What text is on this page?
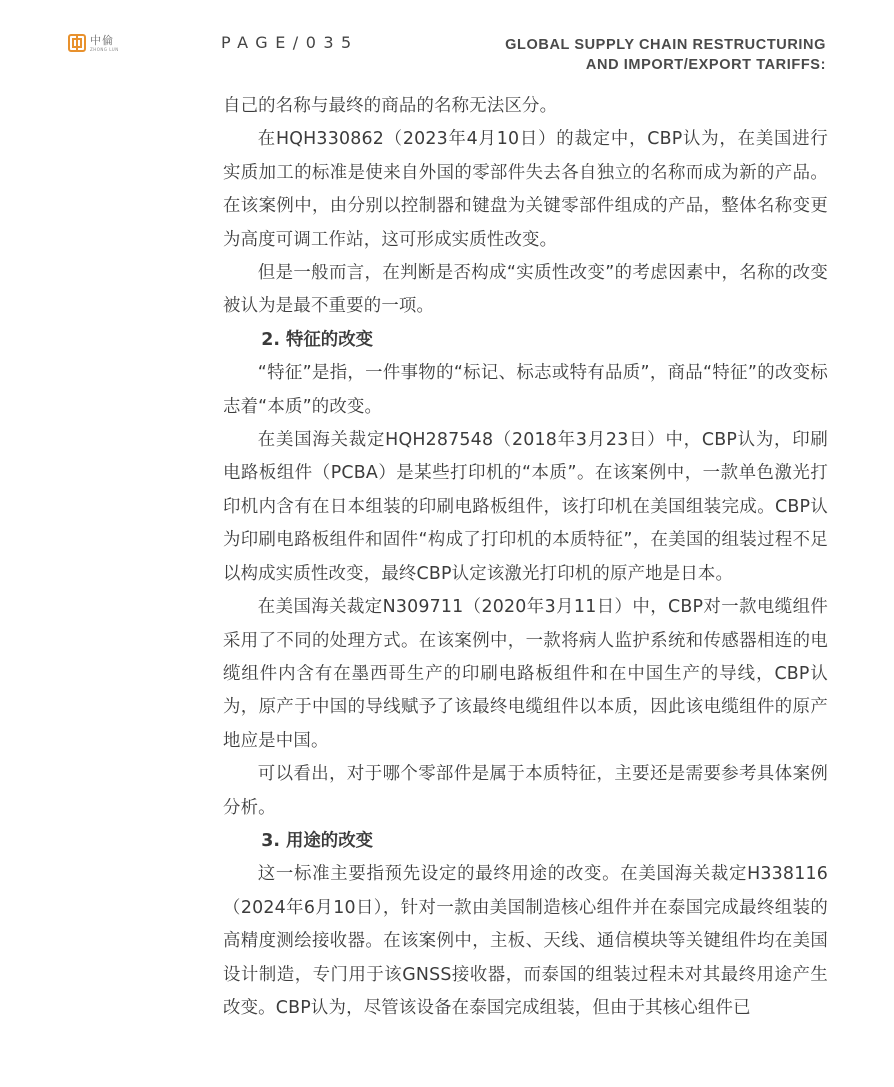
中倫
ZHONG LUN	PAGE/035	GLOBAL SUPPLY CHAIN RESTRUCTURING
AND IMPORT/EXPORT TARIFFS:

自己的名称与最终的商品的名称无法区分。

在HQH330862（2023年4月10日）的裁定中，CBP认为，在美国进行实质加工的标准是使来自外国的零部件失去各自独立的名称而成为新的产品。在该案例中，由分别以控制器和键盘为关键零部件组成的产品，整体名称变更为高度可调工作站，这可形成实质性改变。

但是一般而言，在判断是否构成“实质性改变”的考虑因素中，名称的改变被认为是最不重要的一项。

2. 特征的改变

“特征”是指，一件事物的“标记、标志或特有品质”，商品“特征”的改变标志着“本质”的改变。

在美国海关裁定HQH287548（2018年3月23日）中，CBP认为，印刷电路板组件（PCBA）是某些打印机的“本质”。在该案例中，一款单色激光打印机内含有在日本组装的印刷电路板组件，该打印机在美国组装完成。CBP认为印刷电路板组件和固件“构成了打印机的本质特征”，在美国的组装过程不足以构成实质性改变，最终CBP认定该激光打印机的原产地是日本。

在美国海关裁定N309711（2020年3月11日）中，CBP对一款电缆组件采用了不同的处理方式。在该案例中，一款将病人监护系统和传感器相连的电缆组件内含有在墨西哥生产的印刷电路板组件和在中国生产的导线，CBP认为，原产于中国的导线赋予了该最终电缆组件以本质，因此该电缆组件的原产地应是中国。

可以看出，对于哪个零部件是属于本质特征，主要还是需要参考具体案例分析。

3. 用途的改变

这一标准主要指预先设定的最终用途的改变。在美国海关裁定H338116（2024年6月10日），针对一款由美国制造核心组件并在泰国完成最终组装的高精度测绘接收器。在该案例中，主板、天线、通信模块等关键组件均在美国设计制造，专门用于该GNSS接收器，而泰国的组装过程未对其最终用途产生改变。CBP认为，尽管该设备在泰国完成组装，但由于其核心组件已
